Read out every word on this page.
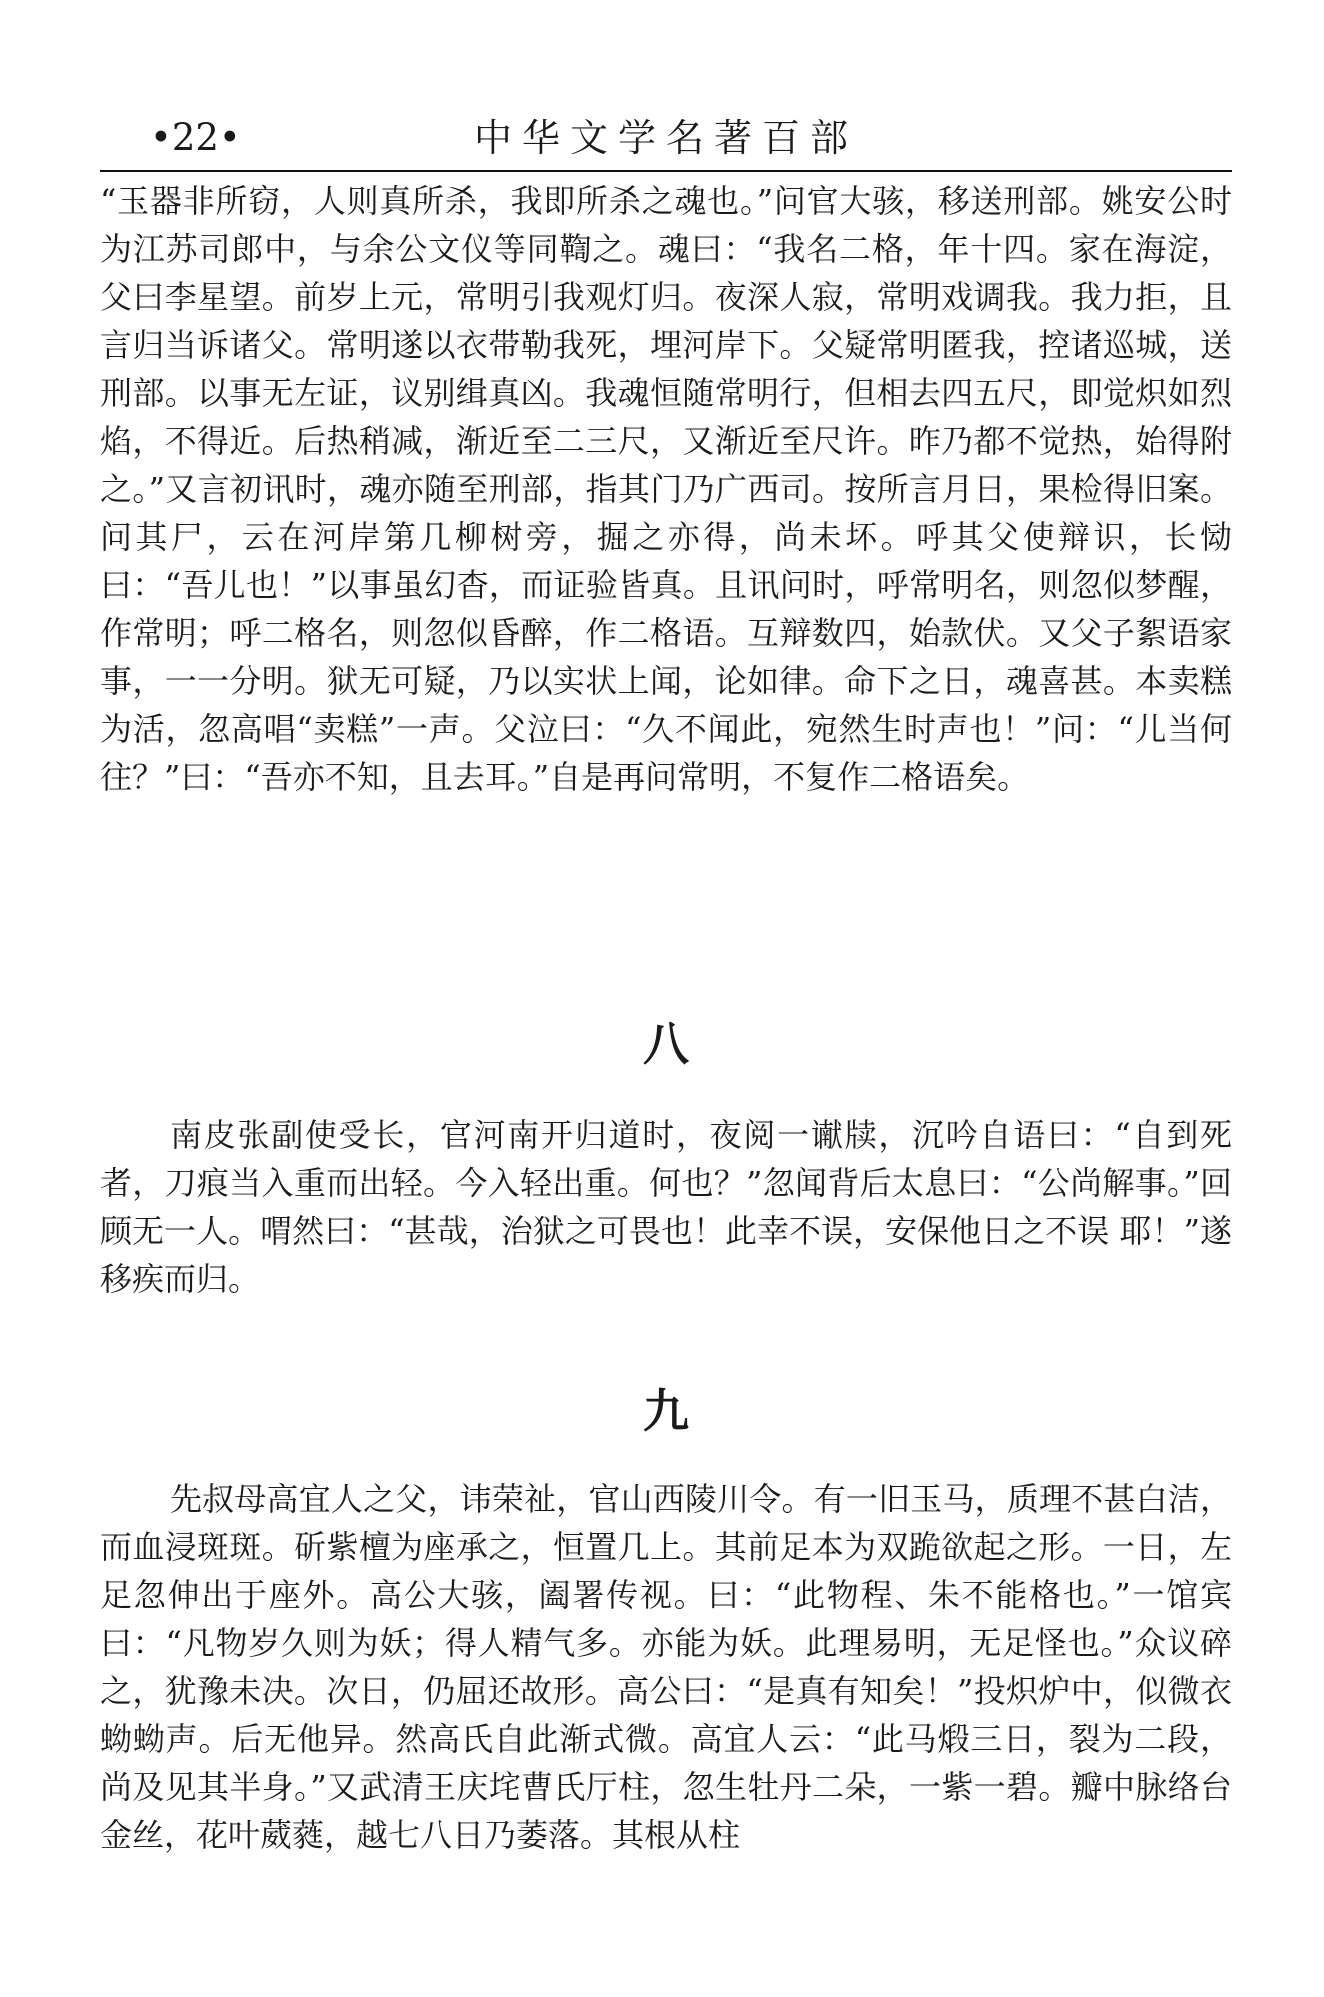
•22•	中华文学名著百部
“玉器非所窃，人则真所杀，我即所杀之魂也。”问官大骇，移送刑部。姚安公时为江苏司郎中，与余公文仪等同鞫之。魂曰：“我名二格，年十四。家在海淀，父曰李星望。前岁上元，常明引我观灯归。夜深人寂，常明戏调我。我力拒，且言归当诉诸父。常明遂以衣带勒我死，埋河岸下。父疑常明匿我，控诸巡城，送刑部。以事无左证，议别缉真凶。我魂恒随常明行，但相去四五尺，即觉炽如烈焰，不得近。后热稍减，渐近至二三尺，又渐近至尺许。昨乃都不觉热，始得附之。”又言初讯时，魂亦随至刑部，指其门乃广西司。按所言月日，果检得旧案。问其尸，云在河岸第几柳树旁，掘之亦得，尚未坏。呼其父使辩识，长恸曰：“吾儿也！”以事虽幻杳，而证验皆真。且讯问时，呼常明名，则忽似梦醒，作常明；呼二格名，则忽似昏醉，作二格语。互辩数四，始款伏。又父子絮语家事，一一分明。狱无可疑，乃以实状上闻，论如律。命下之日，魂喜甚。本卖糕为活，忽高唱“卖糕”一声。父泣曰：“久不闻此，宛然生时声也！”问：“儿当何往？”曰：“吾亦不知，且去耳。”自是再问常明，不复作二格语矣。
八
南皮张副使受长，官河南开归道时，夜阅一谳牍，沉吟自语曰：“自到死者，刀痕当入重而出轻。今入轻出重。何也？”忽闻背后太息曰：“公尚解事。”回顾无一人。喟然曰：“甚哉，治狱之可畏也！此幸不误，安保他日之不误 耶！”遂移疾而归。
九
先叔母高宜人之父，讳荣祉，官山西陵川令。有一旧玉马，质理不甚白洁，而血浸斑斑。斫紫檀为座承之，恒置几上。其前足本为双跪欲起之形。一日，左足忽伸出于座外。高公大骇，阖署传视。曰：“此物程、朱不能格也。”一馆宾曰：“凡物岁久则为妖；得人精气多。亦能为妖。此理易明，无足怪也。”众议碎之，犹豫未决。次日，仍屈还故形。高公曰：“是真有知矣！”投炽炉中，似微衣蚴蚴声。后无他异。然高氏自此渐式微。高宜人云：“此马煅三日，裂为二段，尚及见其半身。”又武清王庆垞曹氏厅柱，忽生牡丹二朵，一紫一碧。瓣中脉络台金丝，花叶葳蕤，越七八日乃萎落。其根从柱
